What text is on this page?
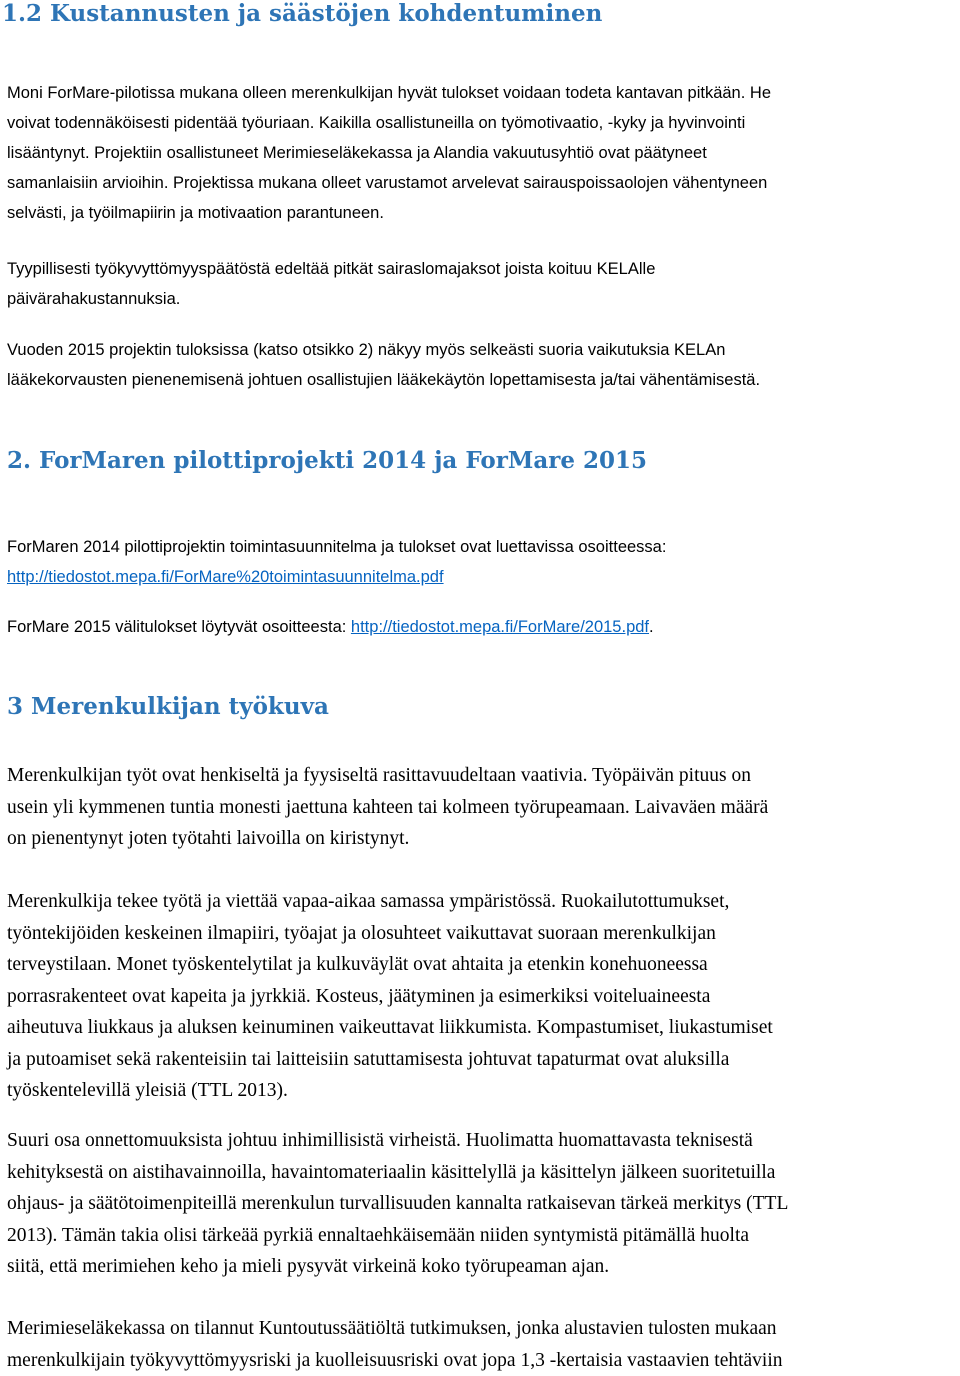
1.2 Kustannusten ja säästöjen kohdentuminen
Moni ForMare-pilotissa mukana olleen merenkulkijan hyvät tulokset voidaan todeta kantavan pitkään. He
voivat todennäköisesti pidentää työuriaan. Kaikilla osallistuneilla on työmotivaatio, -kyky ja hyvinvointi
lisääntynyt. Projektiin osallistuneet Merimieseläkekassa ja Alandia vakuutusyhtiö ovat päätyneet
samanlaisiin arvioihin. Projektissa mukana olleet varustamot arvelevat sairauspoissaolojen vähentyneen
selvästi, ja työilmapiirin ja motivaation parantuneen.
Tyypillisesti työkyvyttömyyspäätöstä edeltää pitkät sairaslomajaksot joista koituu KELAlle
päivärahakustannuksia.
Vuoden 2015 projektin tuloksissa (katso otsikko 2) näkyy myös selkeästi suoria vaikutuksia KELAn
lääkekorvausten pienenemisenä johtuen osallistujien lääkekäytön lopettamisesta ja/tai vähentämisestä.
2. ForMaren pilottiprojekti 2014 ja ForMare 2015
ForMaren 2014 pilottiprojektin toimintasuunnitelma ja tulokset ovat luettavissa osoitteessa:
http://tiedostot.mepa.fi/ForMare%20toimintasuunnitelma.pdf
ForMare 2015 välitulokset löytyvät osoitteesta: http://tiedostot.mepa.fi/ForMare/2015.pdf.
3 Merenkulkijan työkuva
Merenkulkijan työt ovat henkiseltä ja fyysiseltä rasittavuudeltaan vaativia. Työpäivän pituus on
usein yli kymmenen tuntia monesti jaettuna kahteen tai kolmeen työrupeamaan. Laivaväen määrä
on pienentynyt joten työtahti laivoilla on kiristynyt.
Merenkulkija tekee työtä ja viettää vapaa-aikaa samassa ympäristössä. Ruokailutottumukset,
työntekijöiden keskeinen ilmapiiri, työajat ja olosuhteet vaikuttavat suoraan merenkulkijan
terveystilaan. Monet työskentelytilat ja kulkuväylät ovat ahtaita ja etenkin konehuoneessa
porrasrakenteet ovat kapeita ja jyrkkiä. Kosteus, jäätyminen ja esimerkiksi voiteluaineesta
aiheutuva liukkaus ja aluksen keinuminen vaikeuttavat liikkumista. Kompastumiset, liukastumiset
ja putoamiset sekä rakenteisiin tai laitteisiin satuttamisesta johtuvat tapaturmat ovat aluksilla
työskentelevillä yleisiä (TTL 2013).
Suuri osa onnettomuuksista johtuu inhimillisistä virheistä. Huolimatta huomattavasta teknisestä
kehityksestä on aistihavainnoilla, havaintomateriaalin käsittelyllä ja käsittelyn jälkeen suoritetuilla
ohjaus- ja säätötoimenpiteillä merenkulun turvallisuuden kannalta ratkaisevan tärkeä merkitys (TTL
2013). Tämän takia olisi tärkeää pyrkiä ennaltaehkäisemään niiden syntymistä pitämällä huolta
siitä, että merimiehen keho ja mieli pysyvät virkeinä koko työrupeaman ajan.
Merimieseläkekassa on tilannut Kuntoutussäätiöltä tutkimuksen, jonka alustavien tulosten mukaan
merenkulkijain työkyvyttömyysriski ja kuolleisuusriski ovat jopa 1,3 -kertaisia vastaavien tehtäviin
